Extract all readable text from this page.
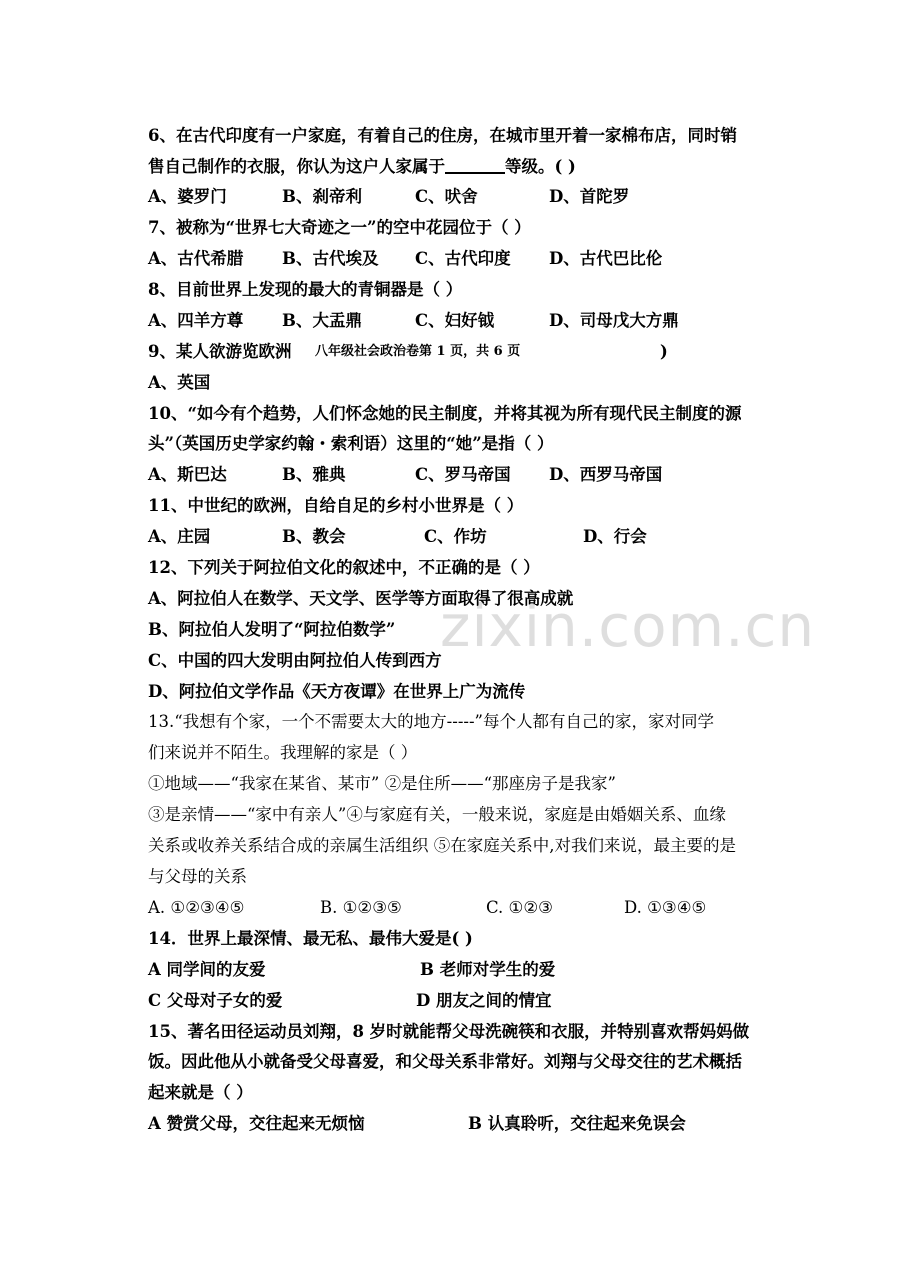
zixin.com.cn
6、在古代印度有一户家庭，有着自己的住房，在城市里开着一家棉布店，同时销
售自己制作的衣服，你认为这户人家属于	等级。( )
A、婆罗门	B、刹帝利	C、吠舍	D、首陀罗
7、被称为“世界七大奇迹之一”的空中花园位于（ ）
A、古代希腊 B、古代埃及 C、古代印度 D、古代巴比伦
8、目前世界上发现的最大的青铜器是（ ）
A、四羊方尊 B、大盂鼎	C、妇好钺	D、司母戊大方鼎
9、某人欲游览欧洲	)
A、英国
八年级社会政治卷第 1 页，共 6 页
10、“如今有个趋势，人们怀念她的民主制度，并将其视为所有现代民主制度的源
头”（英国历史学家约翰・索利语）这里的“她”是指（ ）
A、斯巴达	B、雅典	C、罗马帝国 D、西罗马帝国
11、中世纪的欧洲，自给自足的乡村小世界是（ ）
A、庄园	B、教会	C、作坊	D、行会
12、下列关于阿拉伯文化的叙述中，不正确的是（ ）
A、阿拉伯人在数学、天文学、医学等方面取得了很高成就
B、阿拉伯人发明了“阿拉伯数学”
C、中国的四大发明由阿拉伯人传到西方
D、阿拉伯文学作品《天方夜谭》在世界上广为流传
13.“我想有个家，一个不需要太大的地方-----”每个人都有自己的家，家对同学
们来说并不陌生。我理解的家是（ ）
①地域——“我家在某省、某市” ②是住所——“那座房子是我家”
③是亲情——“家中有亲人”④与家庭有关，一般来说，家庭是由婚姻关系、血缘
关系或收养关系结合成的亲属生活组织 ⑤在家庭关系中,对我们来说，最主要的是
与父母的关系
A. ①②③④⑤	B. ①②③⑤	C. ①②③	D. ①③④⑤
14．世界上最深情、最无私、最伟大爱是( )
A 同学间的友爱	B 老师对学生的爱
C 父母对子女的爱	D 朋友之间的情宜
15、著名田径运动员刘翔，8 岁时就能帮父母洗碗筷和衣服，并特别喜欢帮妈妈做
饭。因此他从小就备受父母喜爱，和父母关系非常好。刘翔与父母交往的艺术概括
起来就是（ ）
A 赞赏父母，交往起来无烦恼	B 认真聆听，交往起来免误会
